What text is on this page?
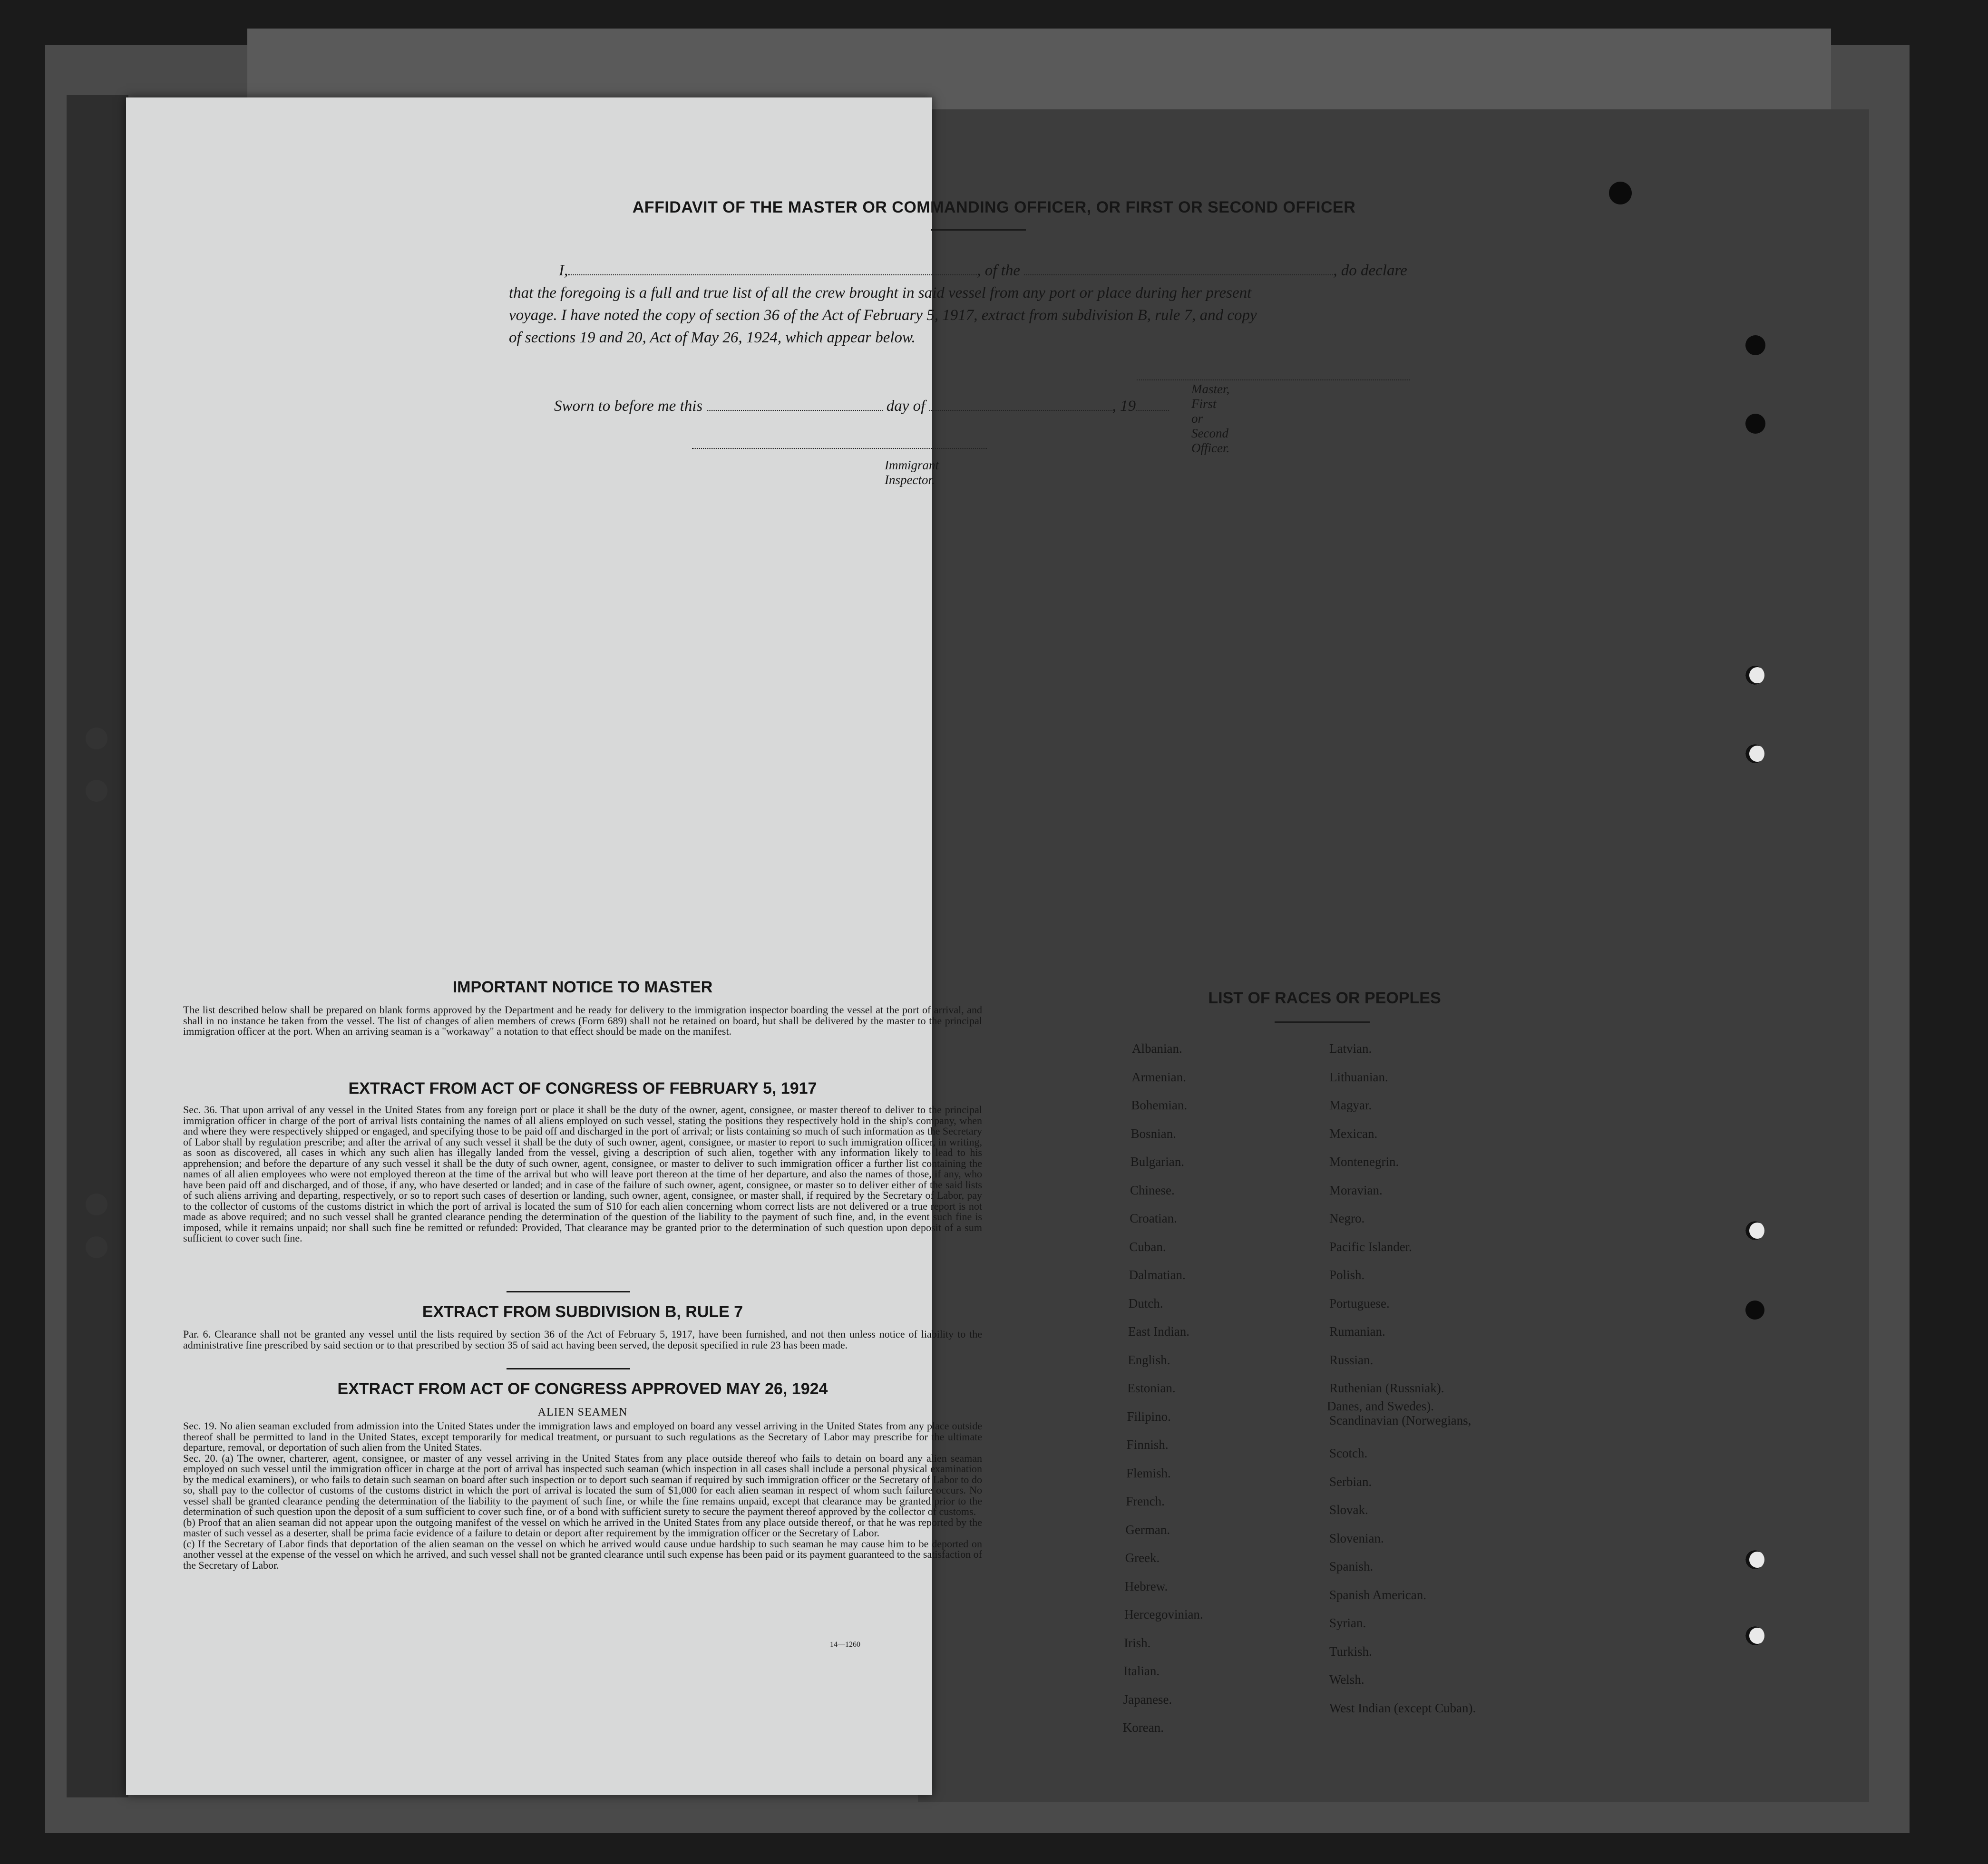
AFFIDAVIT OF THE MASTER OR COMMANDING OFFICER, OR FIRST OR SECOND OFFICER
I,	, of the	, do declare
that the foregoing is a full and true list of all the crew brought in said vessel from any port or place during her present
voyage. I have noted the copy of section 36 of the Act of February 5, 1917, extract from subdivision B, rule 7, and copy
of sections 19 and 20, Act of May 26, 1924, which appear below.
Master, First or Second Officer.
Sworn to before me this	day of	, 19
Immigrant Inspector.
IMPORTANT NOTICE TO MASTER
The list described below shall be prepared on blank forms approved by the Department and be ready for delivery to the immigration inspector boarding the vessel at the port of arrival, and shall in no instance be taken from the vessel. The list of changes of alien members of crews (Form 689) shall not be retained on board, but shall be delivered by the master to the principal immigration officer at the port. When an arriving seaman is a "workaway" a notation to that effect should be made on the manifest.
EXTRACT FROM ACT OF CONGRESS OF FEBRUARY 5, 1917
Sec. 36. That upon arrival of any vessel in the United States from any foreign port or place it shall be the duty of the owner, agent, consignee, or master thereof to deliver to the principal immigration officer in charge of the port of arrival lists containing the names of all aliens employed on such vessel, stating the positions they respectively hold in the ship's company, when and where they were respectively shipped or engaged, and specifying those to be paid off and discharged in the port of arrival; or lists containing so much of such information as the Secretary of Labor shall by regulation prescribe; and after the arrival of any such vessel it shall be the duty of such owner, agent, consignee, or master to report to such immigration officer, in writing, as soon as discovered, all cases in which any such alien has illegally landed from the vessel, giving a description of such alien, together with any information likely to lead to his apprehension; and before the departure of any such vessel it shall be the duty of such owner, agent, consignee, or master to deliver to such immigration officer a further list containing the names of all alien employees who were not employed thereon at the time of the arrival but who will leave port thereon at the time of her departure, and also the names of those, if any, who have been paid off and discharged, and of those, if any, who have deserted or landed; and in case of the failure of such owner, agent, consignee, or master so to deliver either of the said lists of such aliens arriving and departing, respectively, or so to report such cases of desertion or landing, such owner, agent, consignee, or master shall, if required by the Secretary of Labor, pay to the collector of customs of the customs district in which the port of arrival is located the sum of $10 for each alien concerning whom correct lists are not delivered or a true report is not made as above required; and no such vessel shall be granted clearance pending the determination of the question of the liability to the payment of such fine, and, in the event such fine is imposed, while it remains unpaid; nor shall such fine be remitted or refunded: Provided, That clearance may be granted prior to the determination of such question upon deposit of a sum sufficient to cover such fine.
EXTRACT FROM SUBDIVISION B, RULE 7
Par. 6. Clearance shall not be granted any vessel until the lists required by section 36 of the Act of February 5, 1917, have been furnished, and not then unless notice of liability to the administrative fine prescribed by said section or to that prescribed by section 35 of said act having been served, the deposit specified in rule 23 has been made.
EXTRACT FROM ACT OF CONGRESS APPROVED MAY 26, 1924
ALIEN SEAMEN
Sec. 19. No alien seaman excluded from admission into the United States under the immigration laws and employed on board any vessel arriving in the United States from any place outside thereof shall be permitted to land in the United States, except temporarily for medical treatment, or pursuant to such regulations as the Secretary of Labor may prescribe for the ultimate departure, removal, or deportation of such alien from the United States.
Sec. 20. (a) The owner, charterer, agent, consignee, or master of any vessel arriving in the United States from any place outside thereof who fails to detain on board any alien seaman employed on such vessel until the immigration officer in charge at the port of arrival has inspected such seaman (which inspection in all cases shall include a personal physical examination by the medical examiners), or who fails to detain such seaman on board after such inspection or to deport such seaman if required by such immigration officer or the Secretary of Labor to do so, shall pay to the collector of customs of the customs district in which the port of arrival is located the sum of $1,000 for each alien seaman in respect of whom such failure occurs. No vessel shall be granted clearance pending the determination of the liability to the payment of such fine, or while the fine remains unpaid, except that clearance may be granted prior to the determination of such question upon the deposit of a sum sufficient to cover such fine, or of a bond with sufficient surety to secure the payment thereof approved by the collector of customs.
(b) Proof that an alien seaman did not appear upon the outgoing manifest of the vessel on which he arrived in the United States from any place outside thereof, or that he was reported by the master of such vessel as a deserter, shall be prima facie evidence of a failure to detain or deport after requirement by the immigration officer or the Secretary of Labor.
(c) If the Secretary of Labor finds that deportation of the alien seaman on the vessel on which he arrived would cause undue hardship to such seaman he may cause him to be deported on another vessel at the expense of the vessel on which he arrived, and such vessel shall not be granted clearance until such expense has been paid or its payment guaranteed to the satisfaction of the Secretary of Labor.
14—1260
LIST OF RACES OR PEOPLES
Albanian.
Armenian.
Bohemian.
Bosnian.
Bulgarian.
Chinese.
Croatian.
Cuban.
Dalmatian.
Dutch.
East Indian.
English.
Estonian.
Filipino.
Finnish.
Flemish.
French.
German.
Greek.
Hebrew.
Hercegovinian.
Irish.
Italian.
Japanese.
Korean.
Latvian.
Lithuanian.
Magyar.
Mexican.
Montenegrin.
Moravian.
Negro.
Pacific Islander.
Polish.
Portuguese.
Rumanian.
Russian.
Ruthenian (Russniak).
Scandinavian (Norwegians,
Danes, and Swedes).
Scotch.
Serbian.
Slovak.
Slovenian.
Spanish.
Spanish American.
Syrian.
Turkish.
Welsh.
West Indian (except Cuban).
